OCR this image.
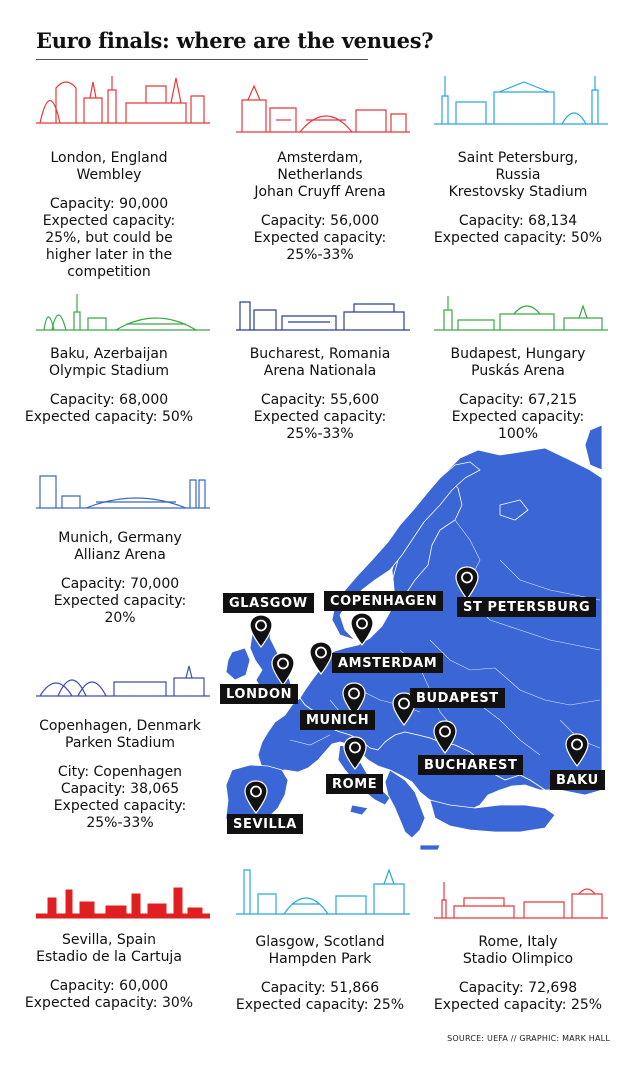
Euro finals: where are the venues?
GLASGOW	COPENHAGEN	ST PETERSBURG
AMSTERDAM
LONDON	BUDAPEST
MUNICH
BUCHAREST
ROME	BAKU
SEVILLA

London, England
Wembley

Capacity: 90,000

Expected capacity:
25%, but could be
higher later in the
competition

Amsterdam,
Netherlands
Johan Cruyff Arena

Capacity: 56,000

Expected capacity:
25%-33%

Saint Petersburg,
Russia
Krestovsky Stadium

Capacity: 68,134

Expected capacity: 50%

Baku, Azerbaijan
Olympic Stadium

Capacity: 68,000

Expected capacity: 50%

Bucharest, Romania
Arena Nationala

Capacity: 55,600

Expected capacity:
25%-33%

Budapest, Hungary
Puskás Arena

Capacity: 67,215

Expected capacity:
100%

Munich, Germany
Allianz Arena

Capacity: 70,000

Expected capacity:
20%

Copenhagen, Denmark
Parken Stadium

City: Copenhagen

Capacity: 38,065

Expected capacity:
25%-33%

Sevilla, Spain
Estadio de la Cartuja

Capacity: 60,000

Expected capacity: 30%

Glasgow, Scotland
Hampden Park

Capacity: 51,866

Expected capacity: 25%

Rome, Italy
Stadio Olimpico

Capacity: 72,698

Expected capacity: 25%

SOURCE: UEFA // GRAPHIC: MARK HALL
